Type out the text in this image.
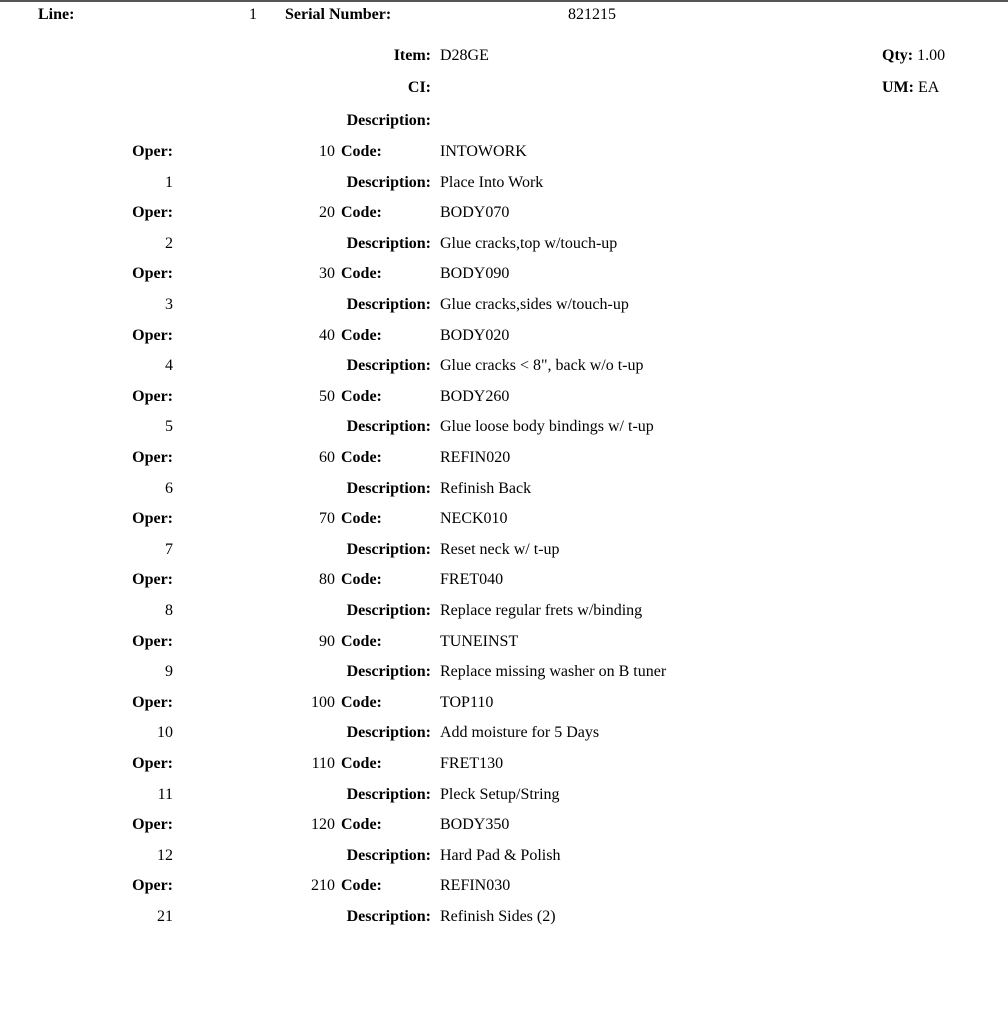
Line:	1 Serial Number:	821215
Item: D28GE	Qty: 1.00
CI:	UM: EA
Description:
Oper:	10 Code:	INTOWORK
1	Description: Place Into Work
Oper:	20 Code:	BODY070
2	Description: Glue cracks,top w/touch-up
Oper:	30 Code:	BODY090
3	Description: Glue cracks,sides w/touch-up
Oper:	40 Code:	BODY020
4	Description: Glue cracks < 8", back w/o t-up
Oper:	50 Code:	BODY260
5	Description: Glue loose body bindings w/ t-up
Oper:	60 Code:	REFIN020
6	Description: Refinish Back
Oper:	70 Code:	NECK010
7	Description: Reset neck w/ t-up
Oper:	80 Code:	FRET040
8	Description: Replace regular frets w/binding
Oper:	90 Code:	TUNEINST
9	Description: Replace missing washer on B tuner
Oper:	100 Code:	TOP110
10	Description: Add moisture for 5 Days
Oper:	110 Code:	FRET130
11	Description: Pleck Setup/String
Oper:	120 Code:	BODY350
12	Description: Hard Pad & Polish
Oper:	210 Code:	REFIN030
21	Description: Refinish Sides (2)
